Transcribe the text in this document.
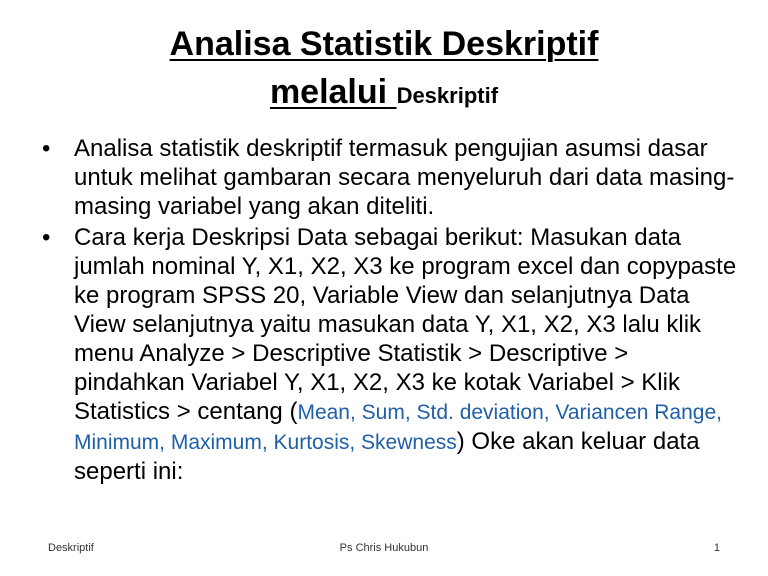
Analisa Statistik Deskriptif
melalui Deskriptif
• Analisa statistik deskriptif termasuk pengujian asumsi dasar untuk melihat gambaran secara menyeluruh dari data masing-masing variabel yang akan diteliti.
• Cara kerja Deskripsi Data sebagai berikut: Masukan data jumlah nominal Y, X1, X2, X3 ke program excel dan copypaste ke program SPSS 20, Variable View dan selanjutnya Data View selanjutnya yaitu masukan data Y, X1, X2, X3 lalu klik menu Analyze > Descriptive Statistik > Descriptive > pindahkan Variabel Y, X1, X2, X3 ke kotak Variabel > Klik Statistics > centang (Mean, Sum, Std. deviation, Variancen Range, Minimum, Maximum, Kurtosis, Skewness) Oke akan keluar data seperti ini:
Deskriptif	Ps Chris Hukubun	1
